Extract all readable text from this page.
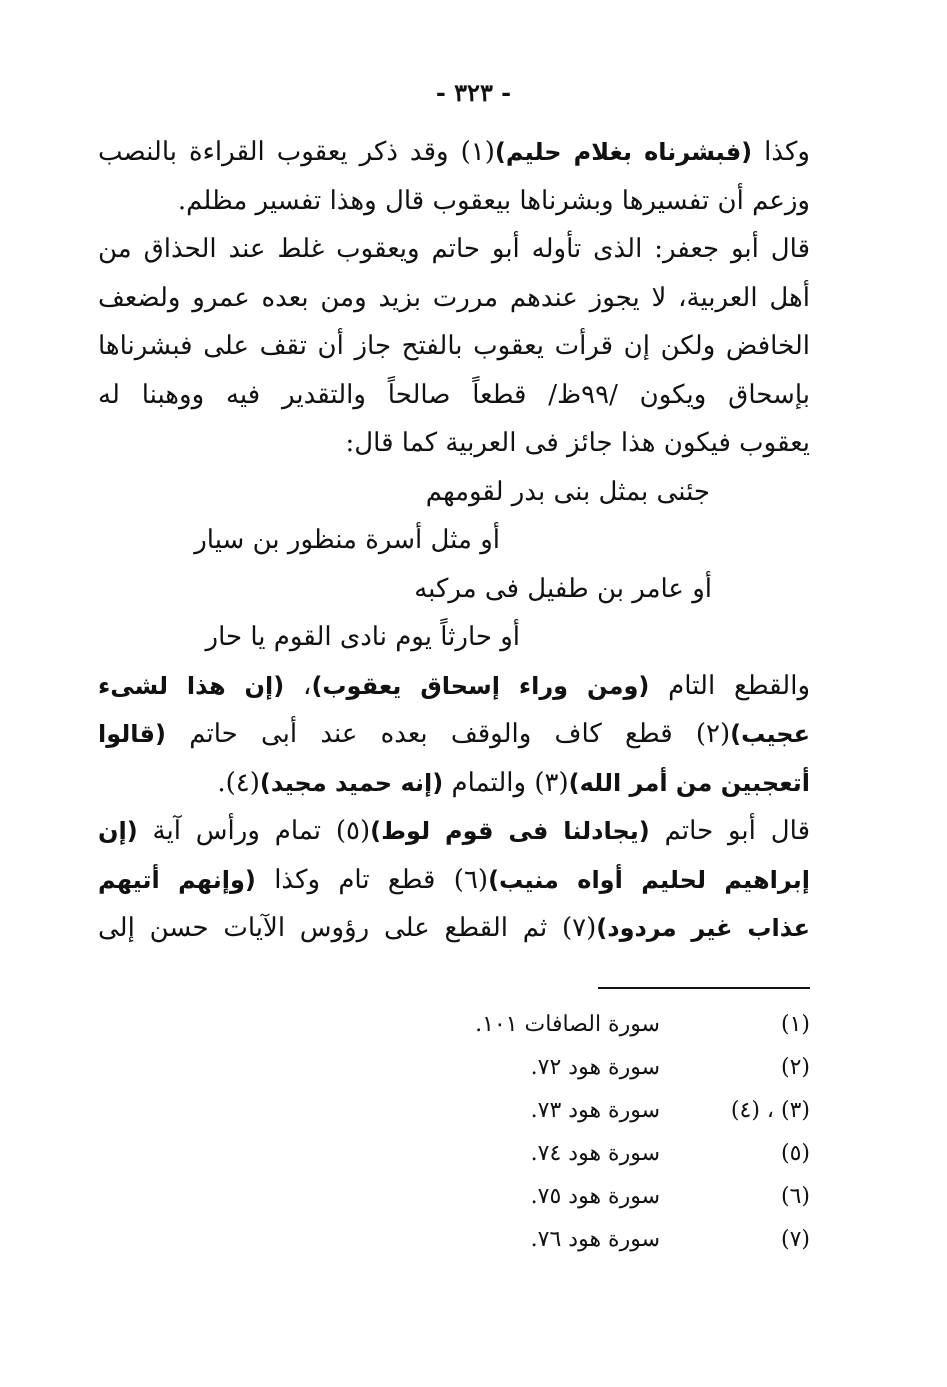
- ٣٢٣ -

وكذا (فبشرناه بغلام حليم)(١) وقد ذكر يعقوب القراءة بالنصب

وزعم أن تفسيرها وبشرناها بيعقوب قال وهذا تفسير مظلم.

قال أبو جعفر: الذى تأوله أبو حاتم ويعقوب غلط عند الحذاق من

أهل العربية، لا يجوز عندهم مررت بزيد ومن بعده عمرو ولضعف

الخافض ولكن إن قرأت يعقوب بالفتح جاز أن تقف على فبشرناها

بإسحاق ويكون /٩٩ظ/ قطعاً صالحاً والتقدير فيه ووهبنا له

يعقوب فيكون هذا جائز فى العربية كما قال:

جئنى بمثل بنى بدر لقومهم

أو مثل أسرة منظور بن سيار

أو عامر بن طفيل فى مركبه

أو حارثاً يوم نادى القوم يا حار

والقطع التام (ومن وراء إسحاق يعقوب)، (إن هذا لشىء

عجيب)(٢) قطع كاف والوقف بعده عند أبى حاتم (قالوا

أتعجبين من أمر الله)(٣) والتمام (إنه حميد مجيد)(٤).

قال أبو حاتم (يجادلنا فى قوم لوط)(٥) تمام ورأس آية (إن

إبراهيم لحليم أواه منيب)(٦) قطع تام وكذا (وإنهم أتيهم

عذاب غير مردود)(٧) ثم القطع على رؤوس الآيات حسن إلى

(١)
سورة الصافات ١٠١.
(٢)
سورة هود ٧٢.
(٣) ، (٤)
سورة هود ٧٣.
(٥)
سورة هود ٧٤.
(٦)
سورة هود ٧٥.
(٧)
سورة هود ٧٦.
